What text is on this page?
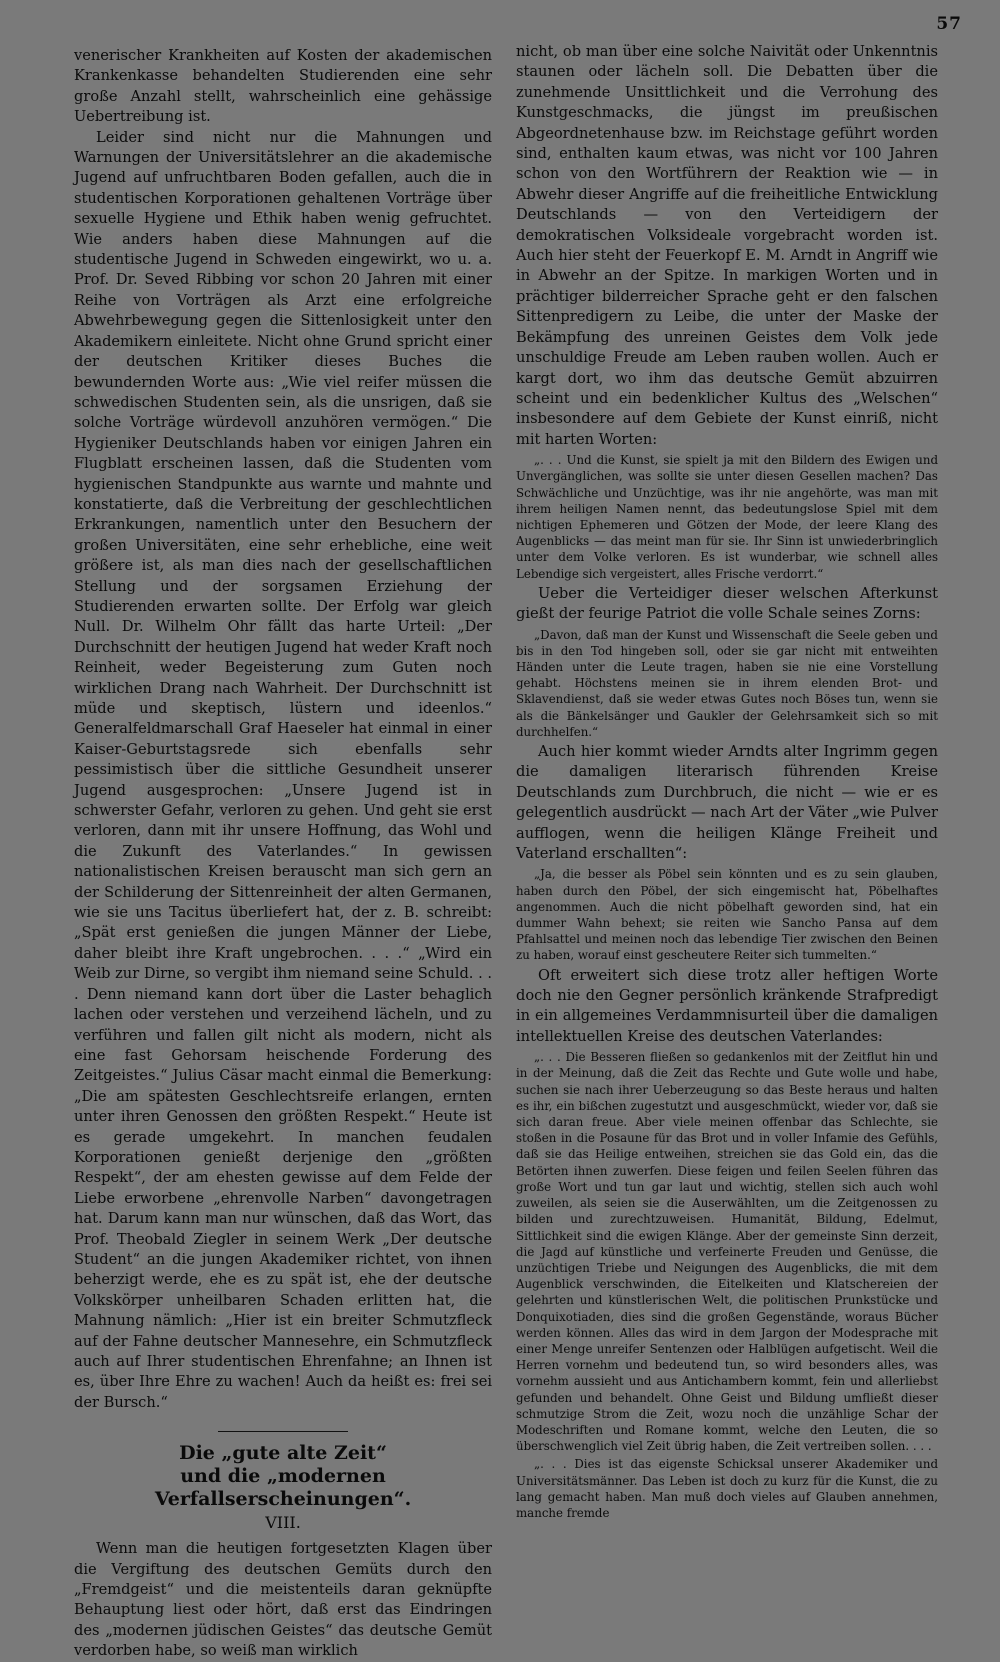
57

venerischer Krankheiten auf Kosten der akademischen Krankenkasse behandelten Studierenden eine sehr große Anzahl stellt, wahrscheinlich eine gehässige Uebertreibung ist.

Leider sind nicht nur die Mahnungen und Warnungen der Universitätslehrer an die akademische Jugend auf unfruchtbaren Boden gefallen, auch die in studentischen Korporationen gehaltenen Vorträge über sexuelle Hygiene und Ethik haben wenig gefruchtet. Wie anders haben diese Mahnungen auf die studentische Jugend in Schweden eingewirkt, wo u. a. Prof. Dr. Seved Ribbing vor schon 20 Jahren mit einer Reihe von Vorträgen als Arzt eine erfolgreiche Abwehrbewegung gegen die Sittenlosigkeit unter den Akademikern einleitete. Nicht ohne Grund spricht einer der deutschen Kritiker dieses Buches die bewundernden Worte aus: „Wie viel reifer müssen die schwedischen Studenten sein, als die unsrigen, daß sie solche Vorträge würdevoll anzuhören vermögen.“ Die Hygieniker Deutschlands haben vor einigen Jahren ein Flugblatt erscheinen lassen, daß die Studenten vom hygienischen Standpunkte aus warnte und mahnte und konstatierte, daß die Verbreitung der geschlechtlichen Erkrankungen, namentlich unter den Besuchern der großen Universitäten, eine sehr erhebliche, eine weit größere ist, als man dies nach der gesellschaftlichen Stellung und der sorgsamen Erziehung der Studierenden erwarten sollte. Der Erfolg war gleich Null. Dr. Wilhelm Ohr fällt das harte Urteil: „Der Durchschnitt der heutigen Jugend hat weder Kraft noch Reinheit, weder Begeisterung zum Guten noch wirklichen Drang nach Wahrheit. Der Durchschnitt ist müde und skeptisch, lüstern und ideenlos.“ Generalfeldmarschall Graf Haeseler hat einmal in einer Kaiser-Geburtstagsrede sich ebenfalls sehr pessimistisch über die sittliche Gesundheit unserer Jugend ausgesprochen: „Unsere Jugend ist in schwerster Gefahr, verloren zu gehen. Und geht sie erst verloren, dann mit ihr unsere Hoffnung, das Wohl und die Zukunft des Vaterlandes.“ In gewissen nationalistischen Kreisen berauscht man sich gern an der Schilderung der Sittenreinheit der alten Germanen, wie sie uns Tacitus überliefert hat, der z. B. schreibt: „Spät erst genießen die jungen Männer der Liebe, daher bleibt ihre Kraft ungebrochen. . . .“ „Wird ein Weib zur Dirne, so vergibt ihm niemand seine Schuld. . . . Denn niemand kann dort über die Laster behaglich lachen oder verstehen und verzeihend lächeln, und zu verführen und fallen gilt nicht als modern, nicht als eine fast Gehorsam heischende Forderung des Zeitgeistes.“ Julius Cäsar macht einmal die Bemerkung: „Die am spätesten Geschlechtsreife erlangen, ernten unter ihren Genossen den größten Respekt.“ Heute ist es gerade umgekehrt. In manchen feudalen Korporationen genießt derjenige den „größten Respekt“, der am ehesten gewisse auf dem Felde der Liebe erworbene „ehrenvolle Narben“ davongetragen hat. Darum kann man nur wünschen, daß das Wort, das Prof. Theobald Ziegler in seinem Werk „Der deutsche Student“ an die jungen Akademiker richtet, von ihnen beherzigt werde, ehe es zu spät ist, ehe der deutsche Volkskörper unheilbaren Schaden erlitten hat, die Mahnung nämlich: „Hier ist ein breiter Schmutzfleck auf der Fahne deutscher Mannesehre, ein Schmutzfleck auch auf Ihrer studentischen Ehrenfahne; an Ihnen ist es, über Ihre Ehre zu wachen! Auch da heißt es: frei sei der Bursch.“

Die „gute alte Zeit“
und die „modernen Verfallserscheinungen“.
VIII.

Wenn man die heutigen fortgesetzten Klagen über die Vergiftung des deutschen Gemüts durch den „Fremdgeist“ und die meistenteils daran geknüpfte Behauptung liest oder hört, daß erst das Eindringen des „modernen jüdischen Geistes“ das deutsche Gemüt verdorben habe, so weiß man wirklich

nicht, ob man über eine solche Naivität oder Unkenntnis staunen oder lächeln soll. Die Debatten über die zunehmende Unsittlichkeit und die Verrohung des Kunstgeschmacks, die jüngst im preußischen Abgeordnetenhause bzw. im Reichstage geführt worden sind, enthalten kaum etwas, was nicht vor 100 Jahren schon von den Wortführern der Reaktion wie — in Abwehr dieser Angriffe auf die freiheitliche Entwicklung Deutschlands — von den Verteidigern der demokratischen Volksideale vorgebracht worden ist. Auch hier steht der Feuerkopf E. M. Arndt in Angriff wie in Abwehr an der Spitze. In markigen Worten und in prächtiger bilderreicher Sprache geht er den falschen Sittenpredigern zu Leibe, die unter der Maske der Bekämpfung des unreinen Geistes dem Volk jede unschuldige Freude am Leben rauben wollen. Auch er kargt dort, wo ihm das deutsche Gemüt abzuirren scheint und ein bedenklicher Kultus des „Welschen“ insbesondere auf dem Gebiete der Kunst einriß, nicht mit harten Worten:

„. . . Und die Kunst, sie spielt ja mit den Bildern des Ewigen und Unvergänglichen, was sollte sie unter diesen Gesellen machen? Das Schwächliche und Unzüchtige, was ihr nie angehörte, was man mit ihrem heiligen Namen nennt, das bedeutungslose Spiel mit dem nichtigen Ephemeren und Götzen der Mode, der leere Klang des Augenblicks — das meint man für sie. Ihr Sinn ist unwiederbringlich unter dem Volke verloren. Es ist wunderbar, wie schnell alles Lebendige sich vergeistert, alles Frische verdorrt.“

Ueber die Verteidiger dieser welschen Afterkunst gießt der feurige Patriot die volle Schale seines Zorns:

„Davon, daß man der Kunst und Wissenschaft die Seele geben und bis in den Tod hingeben soll, oder sie gar nicht mit entweihten Händen unter die Leute tragen, haben sie nie eine Vorstellung gehabt. Höchstens meinen sie in ihrem elenden Brot- und Sklavendienst, daß sie weder etwas Gutes noch Böses tun, wenn sie als die Bänkelsänger und Gaukler der Gelehrsamkeit sich so mit durchhelfen.“

Auch hier kommt wieder Arndts alter Ingrimm gegen die damaligen literarisch führenden Kreise Deutschlands zum Durchbruch, die nicht — wie er es gelegentlich ausdrückt — nach Art der Väter „wie Pulver aufflogen, wenn die heiligen Klänge Freiheit und Vaterland erschallten“:

„Ja, die besser als Pöbel sein könnten und es zu sein glauben, haben durch den Pöbel, der sich eingemischt hat, Pöbelhaftes angenommen. Auch die nicht pöbelhaft geworden sind, hat ein dummer Wahn behext; sie reiten wie Sancho Pansa auf dem Pfahlsattel und meinen noch das lebendige Tier zwischen den Beinen zu haben, worauf einst gescheutere Reiter sich tummelten.“

Oft erweitert sich diese trotz aller heftigen Worte doch nie den Gegner persönlich kränkende Strafpredigt in ein allgemeines Verdammnisurteil über die damaligen intellektuellen Kreise des deutschen Vaterlandes:

„. . . Die Besseren fließen so gedankenlos mit der Zeitflut hin und in der Meinung, daß die Zeit das Rechte und Gute wolle und habe, suchen sie nach ihrer Ueberzeugung so das Beste heraus und halten es ihr, ein bißchen zugestutzt und ausgeschmückt, wieder vor, daß sie sich daran freue. Aber viele meinen offenbar das Schlechte, sie stoßen in die Posaune für das Brot und in voller Infamie des Gefühls, daß sie das Heilige entweihen, streichen sie das Gold ein, das die Betörten ihnen zuwerfen. Diese feigen und feilen Seelen führen das große Wort und tun gar laut und wichtig, stellen sich auch wohl zuweilen, als seien sie die Auserwählten, um die Zeitgenossen zu bilden und zurechtzuweisen. Humanität, Bildung, Edelmut, Sittlichkeit sind die ewigen Klänge. Aber der gemeinste Sinn derzeit, die Jagd auf künstliche und verfeinerte Freuden und Genüsse, die unzüchtigen Triebe und Neigungen des Augenblicks, die mit dem Augenblick verschwinden, die Eitelkeiten und Klatschereien der gelehrten und künstlerischen Welt, die politischen Prunkstücke und Donquixotiaden, dies sind die großen Gegenstände, woraus Bücher werden können. Alles das wird in dem Jargon der Modesprache mit einer Menge unreifer Sentenzen oder Halblügen aufgetischt. Weil die Herren vornehm und bedeutend tun, so wird besonders alles, was vornehm aussieht und aus Antichambern kommt, fein und allerliebst gefunden und behandelt. Ohne Geist und Bildung umfließt dieser schmutzige Strom die Zeit, wozu noch die unzählige Schar der Modeschriften und Romane kommt, welche den Leuten, die so überschwenglich viel Zeit übrig haben, die Zeit vertreiben sollen. . . .

„. . . Dies ist das eigenste Schicksal unserer Akademiker und Universitätsmänner. Das Leben ist doch zu kurz für die Kunst, die zu lang gemacht haben. Man muß doch vieles auf Glauben annehmen, manche fremde
